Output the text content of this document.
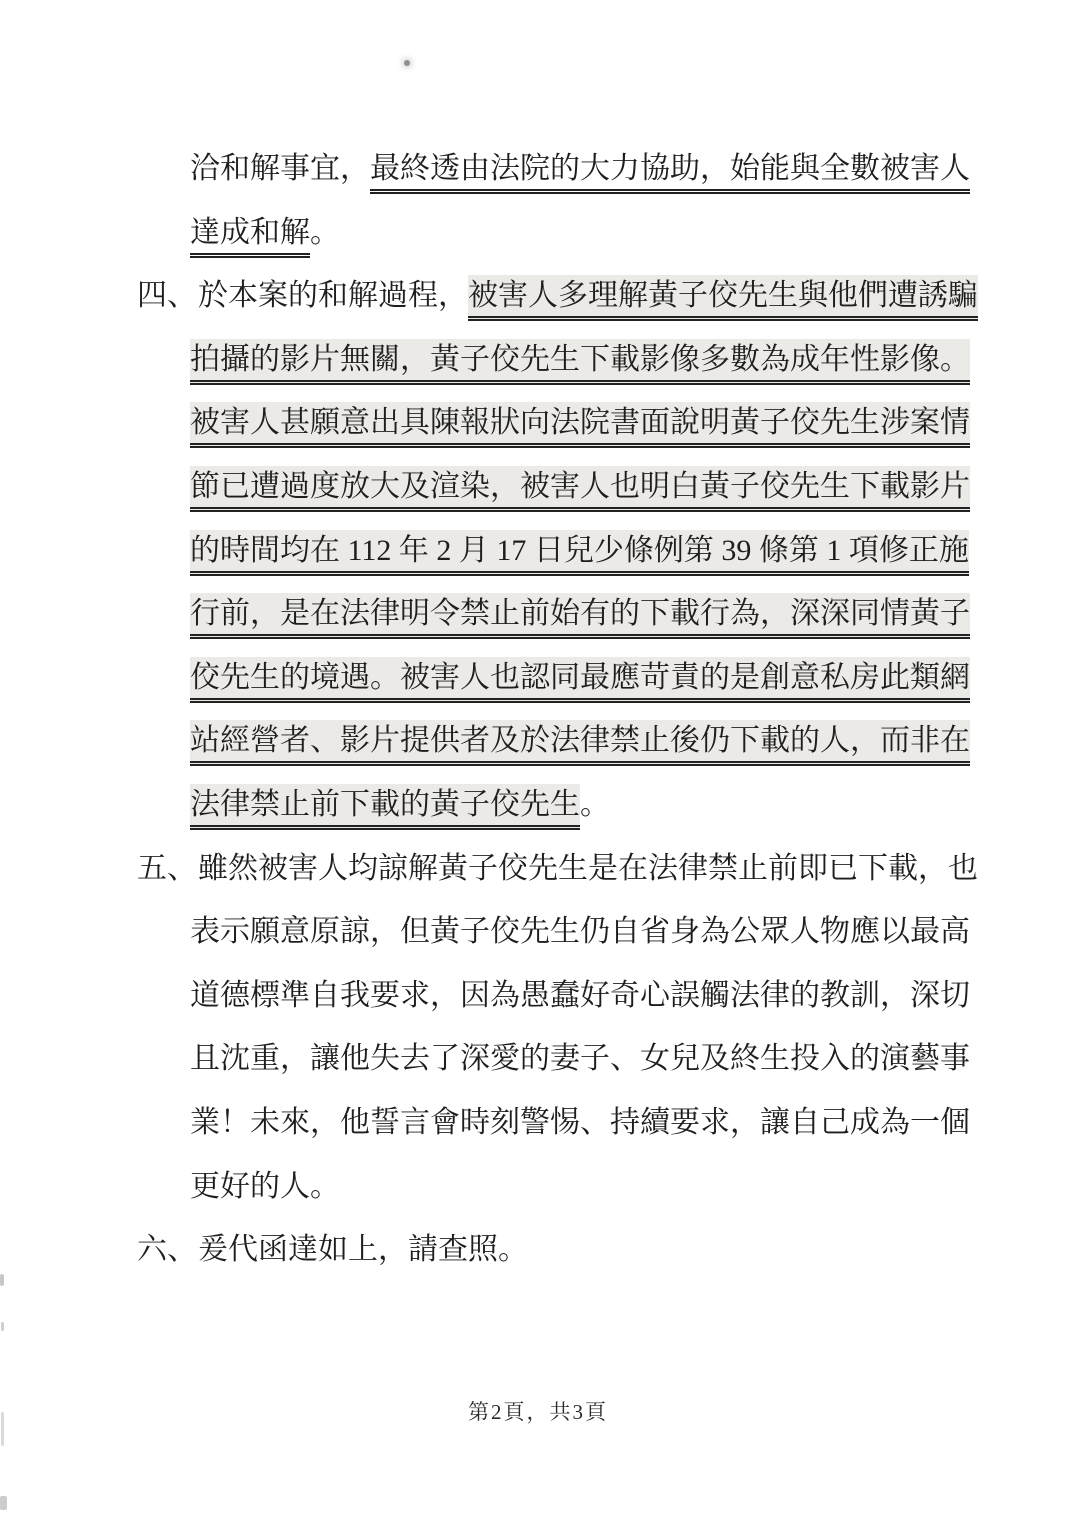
洽和解事宜，最終透由法院的大力協助，始能與全數被害人
達成和解。
四、於本案的和解過程，被害人多理解黃子佼先生與他們遭誘騙
拍攝的影片無關，黃子佼先生下載影像多數為成年性影像。
被害人甚願意出具陳報狀向法院書面說明黃子佼先生涉案情
節已遭過度放大及渲染，被害人也明白黃子佼先生下載影片
的時間均在 112 年 2 月 17 日兒少條例第 39 條第 1 項修正施
行前，是在法律明令禁止前始有的下載行為，深深同情黃子
佼先生的境遇。被害人也認同最應苛責的是創意私房此類網
站經營者、影片提供者及於法律禁止後仍下載的人，而非在
法律禁止前下載的黃子佼先生。
五、雖然被害人均諒解黃子佼先生是在法律禁止前即已下載，也
表示願意原諒，但黃子佼先生仍自省身為公眾人物應以最高
道德標準自我要求，因為愚蠢好奇心誤觸法律的教訓，深切
且沈重，讓他失去了深愛的妻子、女兒及終生投入的演藝事
業！未來，他誓言會時刻警惕、持續要求，讓自己成為一個
更好的人。
六、爰代函達如上，請查照。
第2頁，共3頁
